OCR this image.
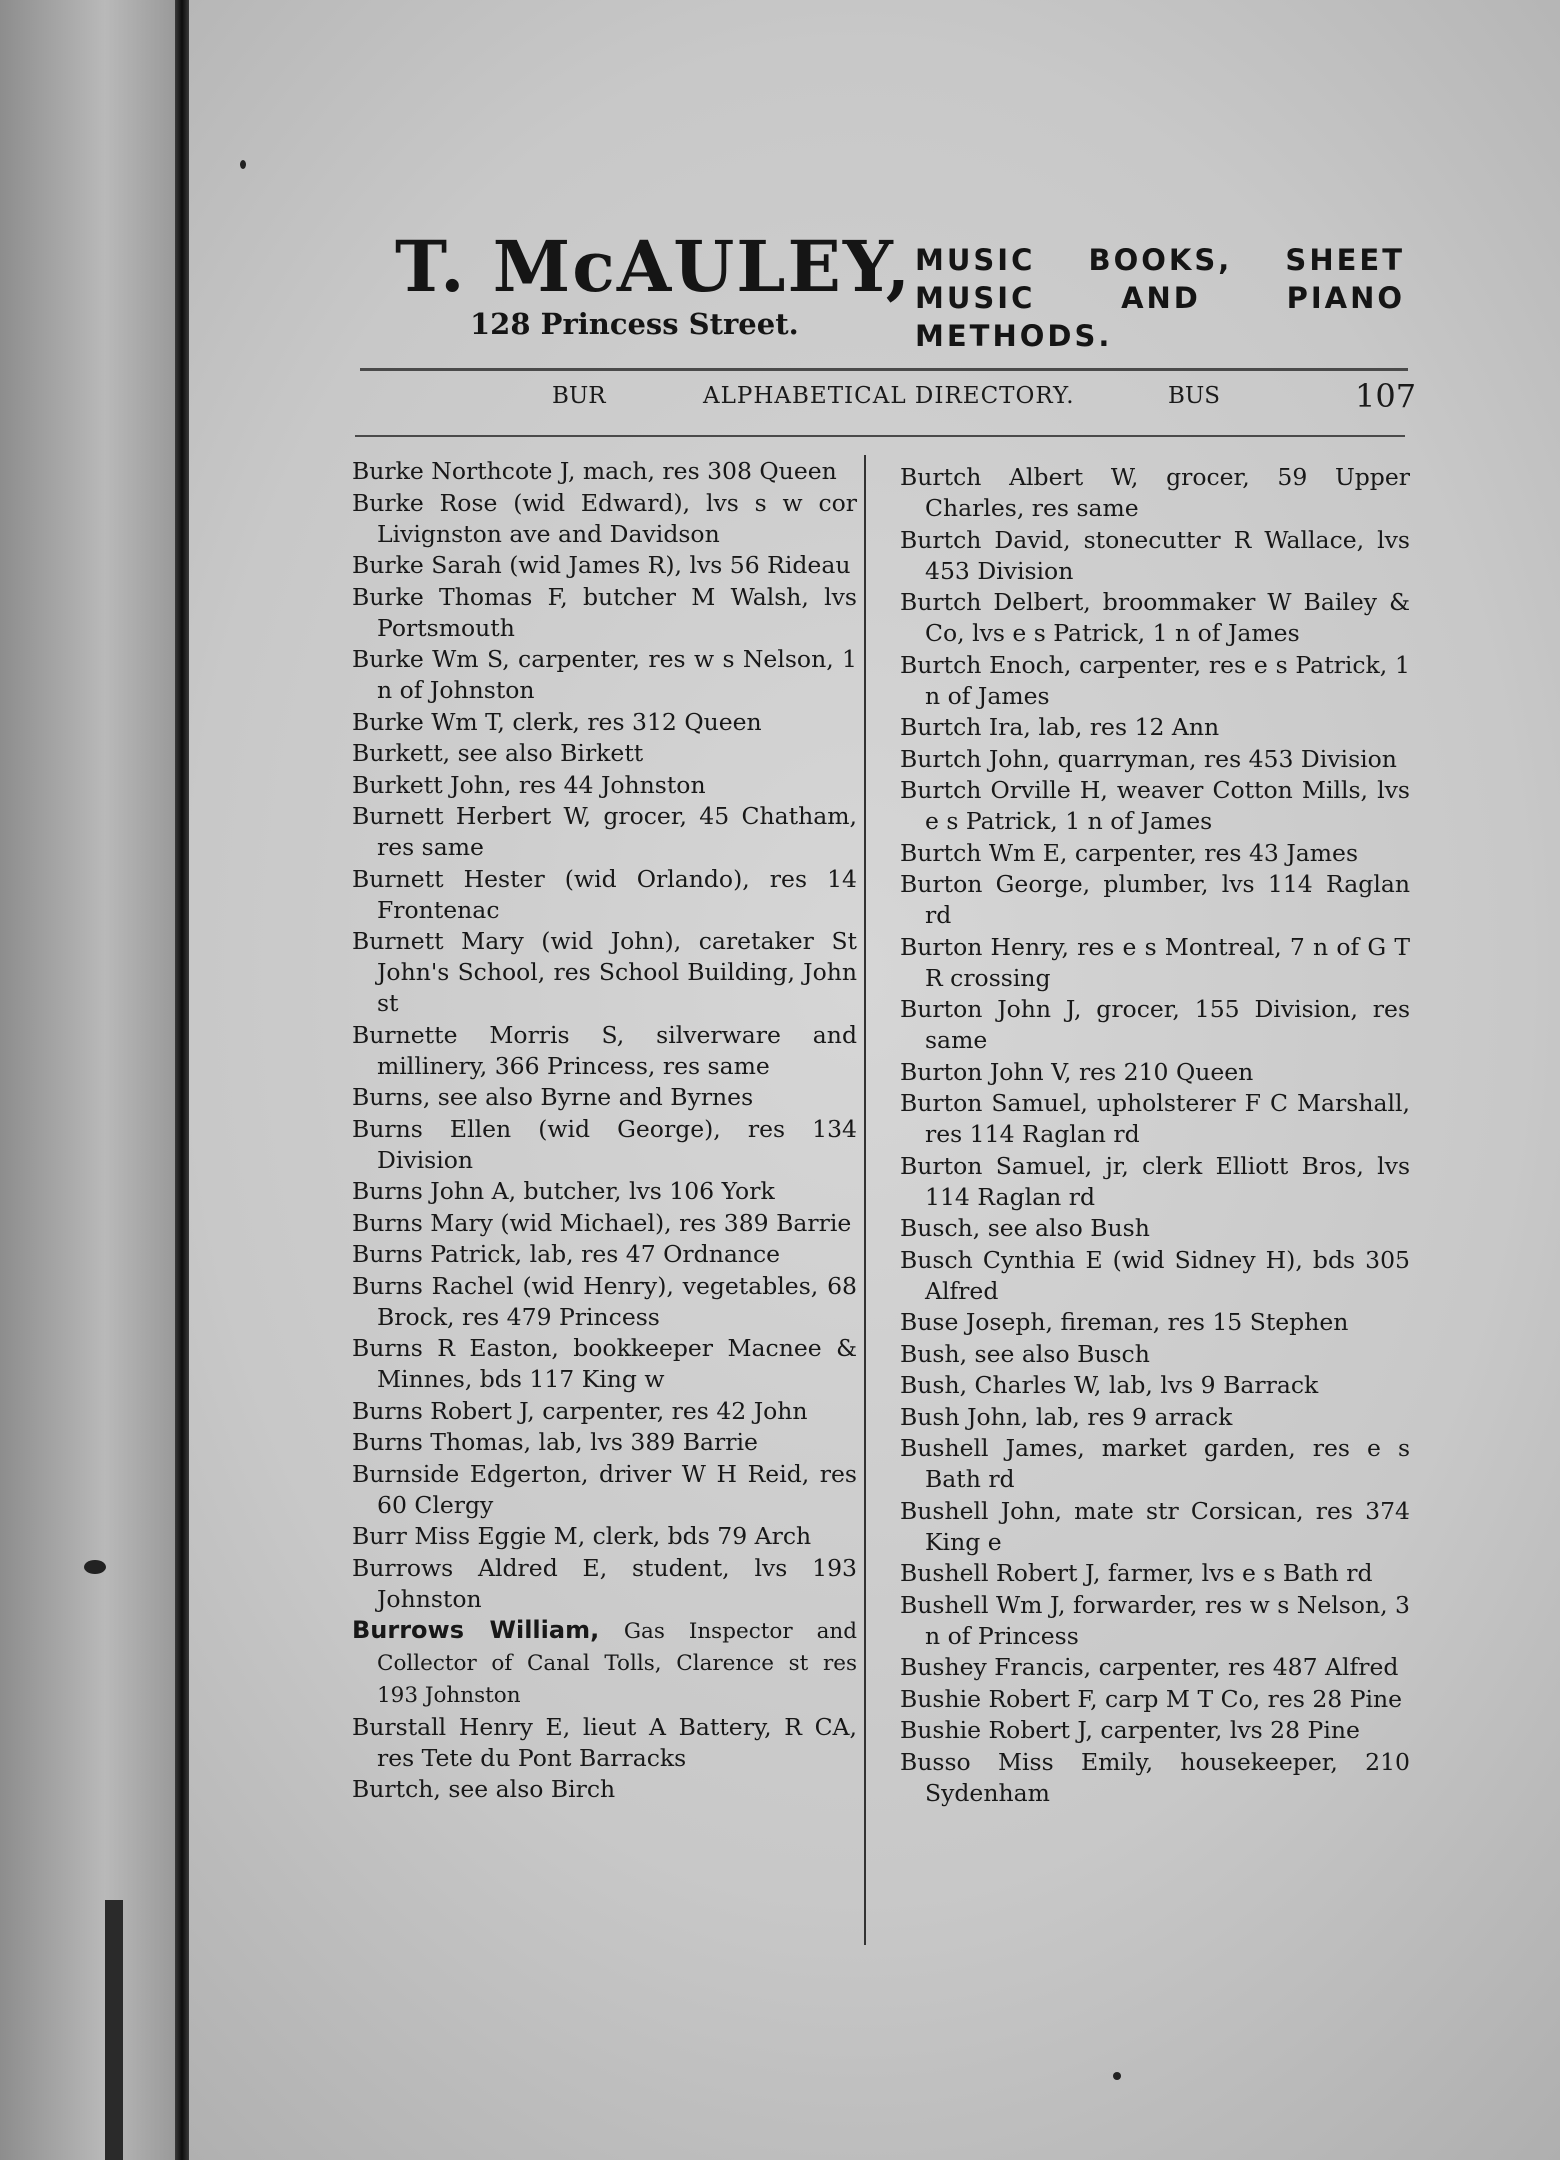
T. McAULEY,
128 Princess Street.
MUSIC BOOKS, SHEET
MUSIC AND PIANO
METHODS.
BUR	ALPHABETICAL DIRECTORY.	BUS	107

Burke Northcote J, mach, res 308 Queen

Burke Rose (wid Edward), lvs s w cor Livignston ave and Davidson

Burke Sarah (wid James R), lvs 56 Rideau

Burke Thomas F, butcher M Walsh, lvs Portsmouth

Burke Wm S, carpenter, res w s Nelson, 1 n of Johnston

Burke Wm T, clerk, res 312 Queen

Burkett, see also Birkett

Burkett John, res 44 Johnston

Burnett Herbert W, grocer, 45 Chatham, res same

Burnett Hester (wid Orlando), res 14 Frontenac

Burnett Mary (wid John), caretaker St John's School, res School Building, John st

Burnette Morris S, silverware and millinery, 366 Princess, res same

Burns, see also Byrne and Byrnes

Burns Ellen (wid George), res 134 Division

Burns John A, butcher, lvs 106 York

Burns Mary (wid Michael), res 389 Barrie

Burns Patrick, lab, res 47 Ordnance

Burns Rachel (wid Henry), vegetables, 68 Brock, res 479 Princess

Burns R Easton, bookkeeper Macnee & Minnes, bds 117 King w

Burns Robert J, carpenter, res 42 John

Burns Thomas, lab, lvs 389 Barrie

Burnside Edgerton, driver W H Reid, res 60 Clergy

Burr Miss Eggie M, clerk, bds 79 Arch

Burrows Aldred E, student, lvs 193 Johnston

Burrows William, Gas Inspector and Collector of Canal Tolls, Clarence st res 193 Johnston

Burstall Henry E, lieut A Battery, R CA, res Tete du Pont Barracks

Burtch, see also Birch

Burtch Albert W, grocer, 59 Upper Charles, res same

Burtch David, stonecutter R Wallace, lvs 453 Division

Burtch Delbert, broommaker W Bailey & Co, lvs e s Patrick, 1 n of James

Burtch Enoch, carpenter, res e s Patrick, 1 n of James

Burtch Ira, lab, res 12 Ann

Burtch John, quarryman, res 453 Division

Burtch Orville H, weaver Cotton Mills, lvs e s Patrick, 1 n of James

Burtch Wm E, carpenter, res 43 James

Burton George, plumber, lvs 114 Raglan rd

Burton Henry, res e s Montreal, 7 n of G T R crossing

Burton John J, grocer, 155 Division, res same

Burton John V, res 210 Queen

Burton Samuel, upholsterer F C Marshall, res 114 Raglan rd

Burton Samuel, jr, clerk Elliott Bros, lvs 114 Raglan rd

Busch, see also Bush

Busch Cynthia E (wid Sidney H), bds 305 Alfred

Buse Joseph, fireman, res 15 Stephen

Bush, see also Busch

Bush, Charles W, lab, lvs 9 Barrack

Bush John, lab, res 9 arrack

Bushell James, market garden, res e s Bath rd

Bushell John, mate str Corsican, res 374 King e

Bushell Robert J, farmer, lvs e s Bath rd

Bushell Wm J, forwarder, res w s Nelson, 3 n of Princess

Bushey Francis, carpenter, res 487 Alfred

Bushie Robert F, carp M T Co, res 28 Pine

Bushie Robert J, carpenter, lvs 28 Pine

Busso Miss Emily, housekeeper, 210 Sydenham
